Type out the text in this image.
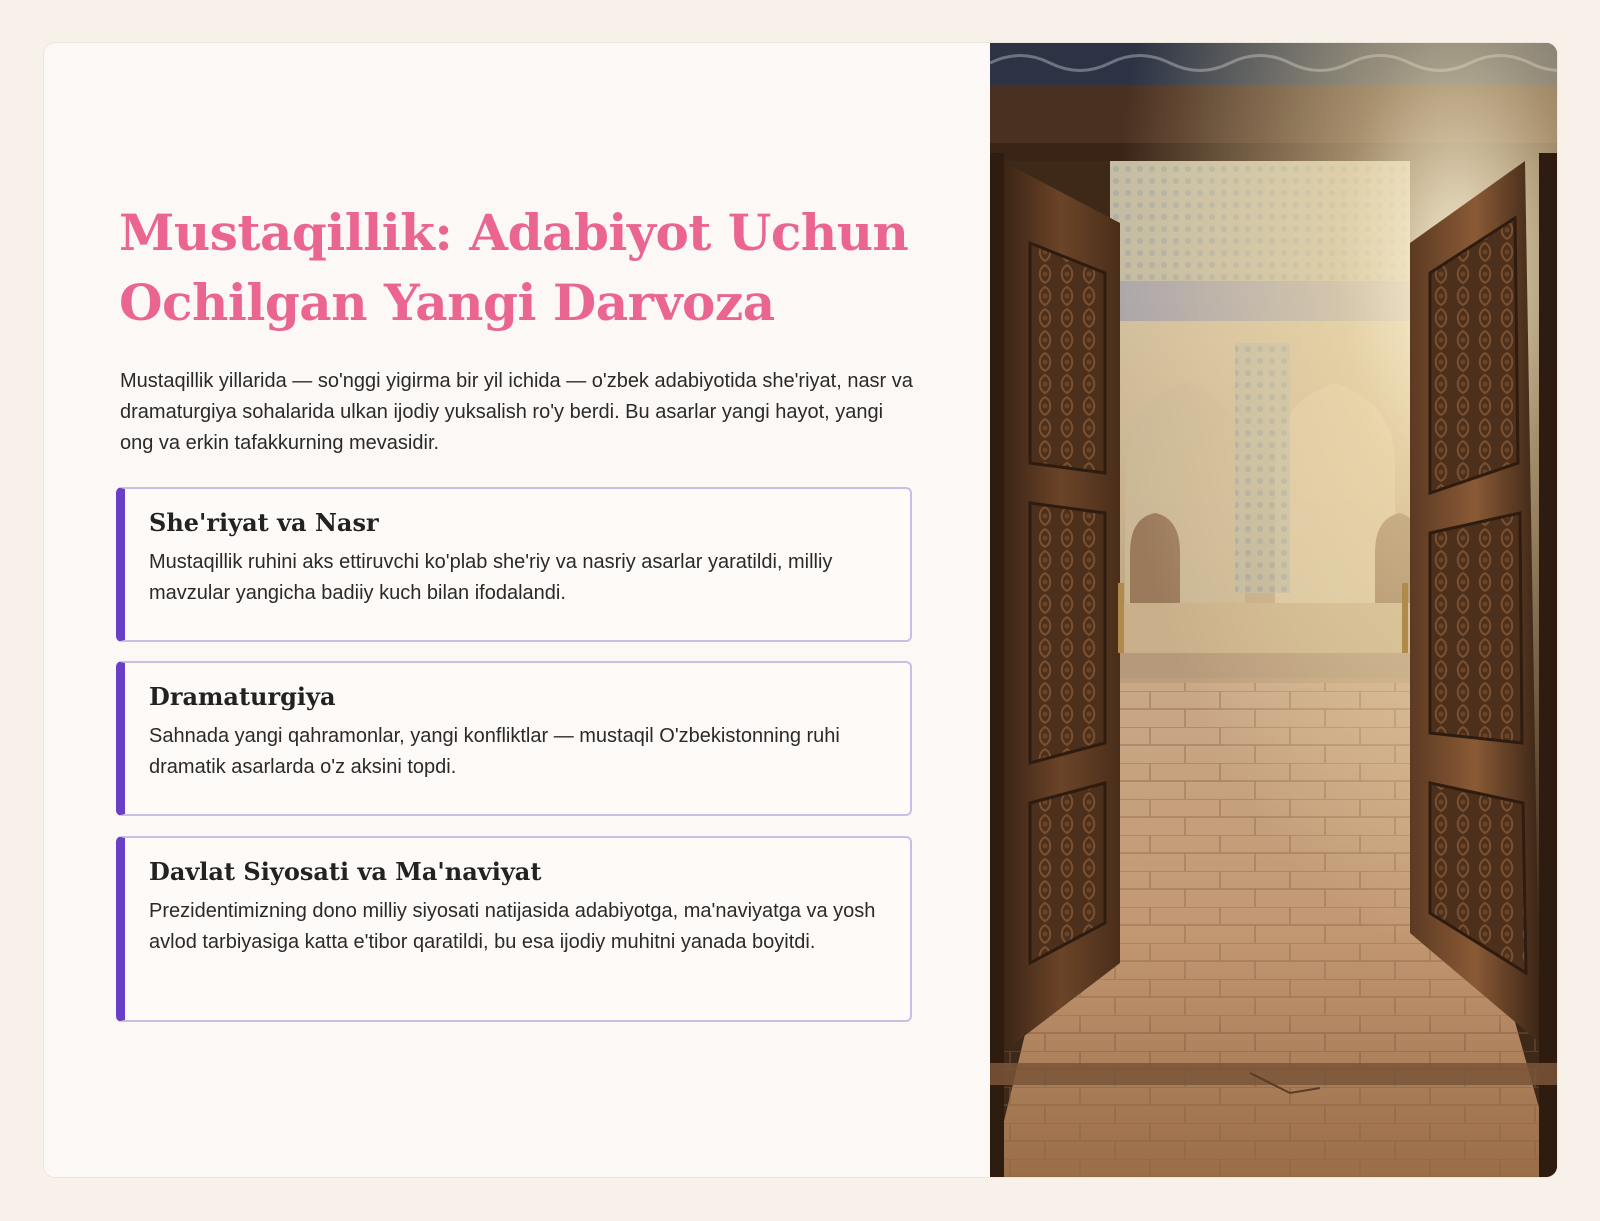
Mustaqillik: Adabiyot Uchun Ochilgan Yangi Darvoza

Mustaqillik yillarida — so'nggi yigirma bir yil ichida — o'zbek adabiyotida she'riyat, nasr va dramaturgiya sohalarida ulkan ijodiy yuksalish ro'y berdi. Bu asarlar yangi hayot, yangi ong va erkin tafakkurning mevasidir.

She'riyat va Nasr

Mustaqillik ruhini aks ettiruvchi ko'plab she'riy va nasriy asarlar yaratildi, milliy mavzular yangicha badiiy kuch bilan ifodalandi.

Dramaturgiya

Sahnada yangi qahramonlar, yangi konfliktlar — mustaqil O'zbekistonning ruhi dramatik asarlarda o'z aksini topdi.

Davlat Siyosati va Ma'naviyat

Prezidentimizning dono milliy siyosati natijasida adabiyotga, ma'naviyatga va yosh avlod tarbiyasiga katta e'tibor qaratildi, bu esa ijodiy muhitni yanada boyitdi.
